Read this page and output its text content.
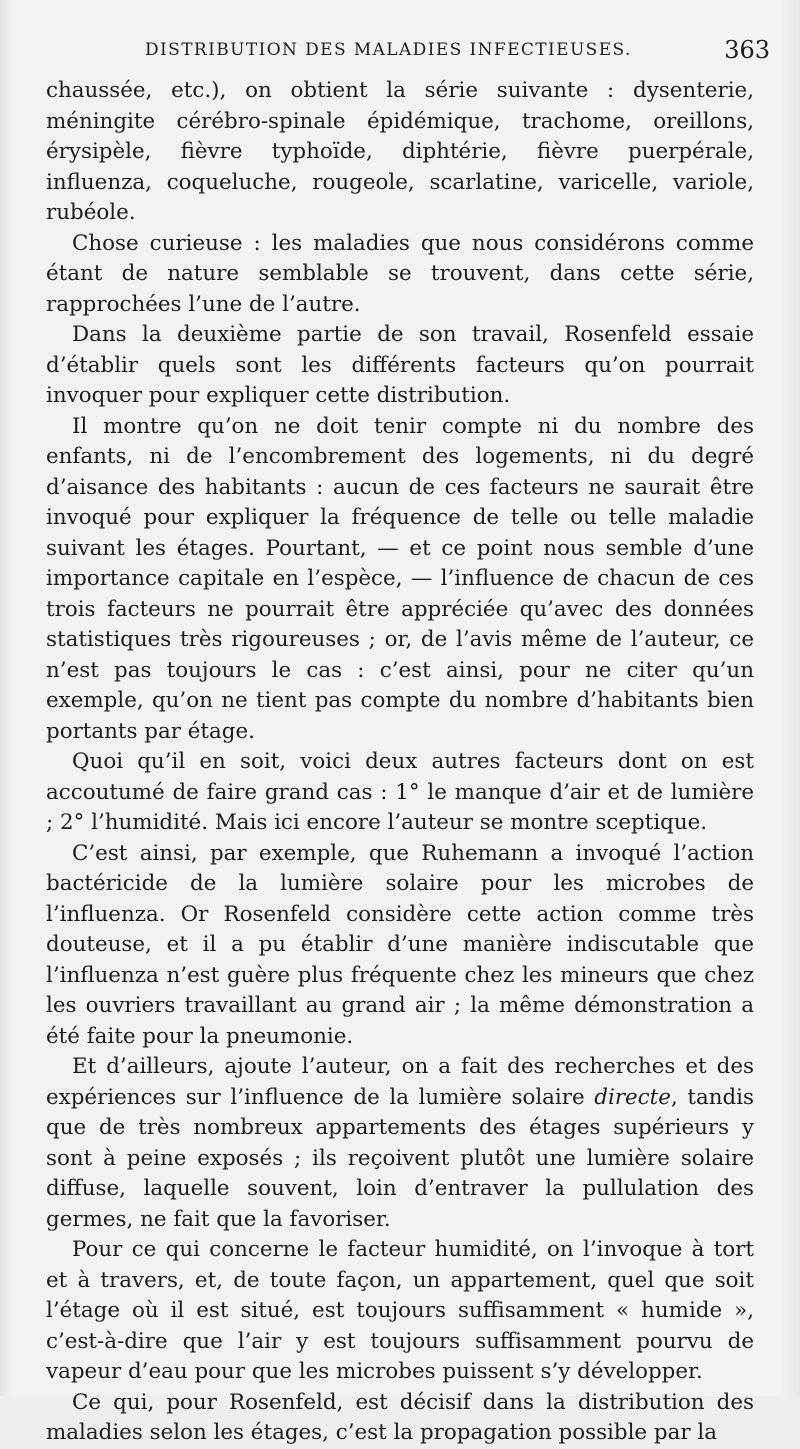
DISTRIBUTION DES MALADIES INFECTIEUSES.	363

chaussée, etc.), on obtient la série suivante : dysenterie, méningite cérébro-spinale épidémique, trachome, oreillons, érysipèle, fièvre typhoïde, diphtérie, fièvre puerpérale, influenza, coqueluche, rougeole, scarlatine, varicelle, variole, rubéole.

Chose curieuse : les maladies que nous considérons comme étant de nature semblable se trouvent, dans cette série, rapprochées l’une de l’autre.

Dans la deuxième partie de son travail, Rosenfeld essaie d’établir quels sont les différents facteurs qu’on pourrait invoquer pour expliquer cette distribution.

Il montre qu’on ne doit tenir compte ni du nombre des enfants, ni de l’encombrement des logements, ni du degré d’aisance des habitants : aucun de ces facteurs ne saurait être invoqué pour expliquer la fréquence de telle ou telle maladie suivant les étages. Pourtant, — et ce point nous semble d’une importance capitale en l’espèce, — l’influence de chacun de ces trois facteurs ne pourrait être appréciée qu’avec des données statistiques très rigoureuses ; or, de l’avis même de l’auteur, ce n’est pas toujours le cas : c’est ainsi, pour ne citer qu’un exemple, qu’on ne tient pas compte du nombre d’habitants bien portants par étage.

Quoi qu’il en soit, voici deux autres facteurs dont on est accoutumé de faire grand cas : 1° le manque d’air et de lumière ; 2° l’humidité. Mais ici encore l’auteur se montre sceptique.

C’est ainsi, par exemple, que Ruhemann a invoqué l’action bactéricide de la lumière solaire pour les microbes de l’influenza. Or Rosenfeld considère cette action comme très douteuse, et il a pu établir d’une manière indiscutable que l’influenza n’est guère plus fréquente chez les mineurs que chez les ouvriers travaillant au grand air ; la même démonstration a été faite pour la pneumonie.

Et d’ailleurs, ajoute l’auteur, on a fait des recherches et des expériences sur l’influence de la lumière solaire directe, tandis que de très nombreux appartements des étages supérieurs y sont à peine exposés ; ils reçoivent plutôt une lumière solaire diffuse, laquelle souvent, loin d’entraver la pullulation des germes, ne fait que la favoriser.

Pour ce qui concerne le facteur humidité, on l’invoque à tort et à travers, et, de toute façon, un appartement, quel que soit l’étage où il est situé, est toujours suffisamment « humide », c’est-à-dire que l’air y est toujours suffisamment pourvu de vapeur d’eau pour que les microbes puissent s’y développer.

Ce qui, pour Rosenfeld, est décisif dans la distribution des maladies selon les étages, c’est la propagation possible par la
